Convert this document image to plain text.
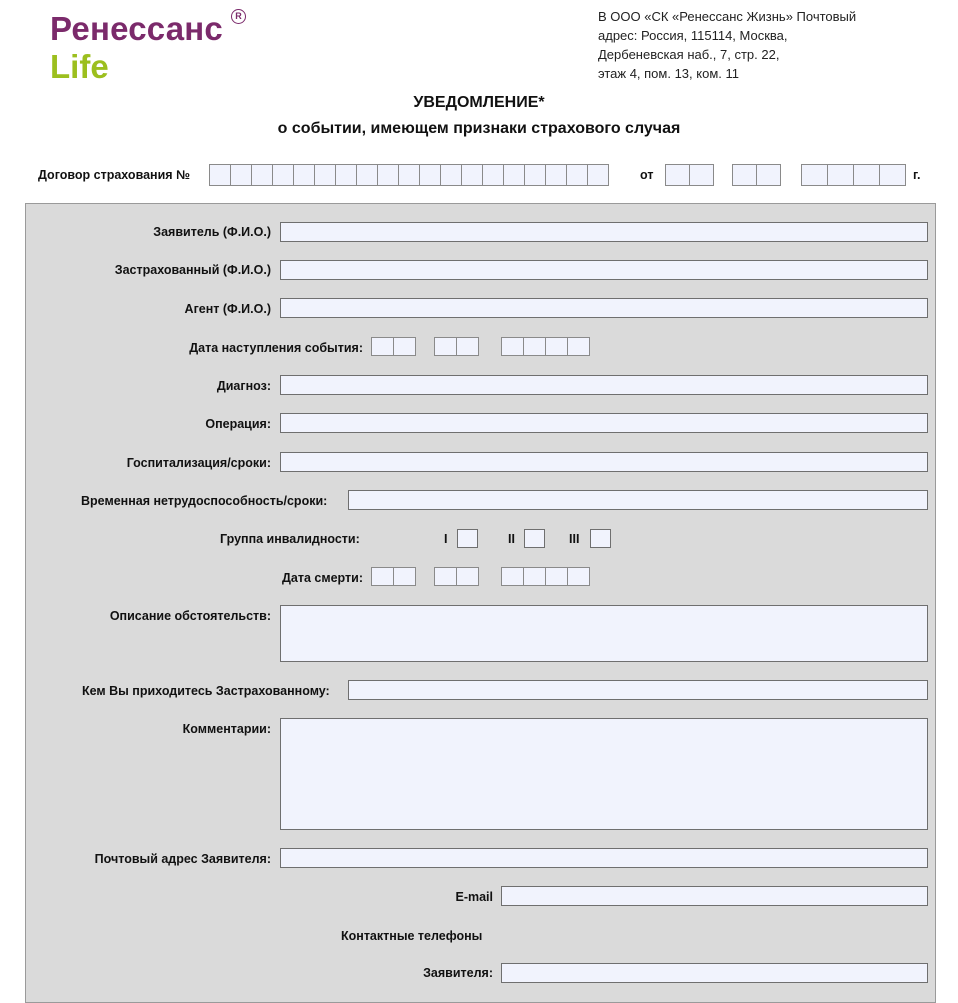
Ренессанс
Life
R	В ООО «СК «Ренессанс Жизнь» Почтовый
адрес: Россия, 115114, Москва,
Дербеневская наб., 7, стр. 22,
этаж 4, пом. 13, ком. 11
УВЕДОМЛЕНИЕ*
о событии, имеющем признаки страхового случая
Договор страхования №	от	г.
Заявитель (Ф.И.О.)
Застрахованный (Ф.И.О.)
Агент (Ф.И.О.)
Дата наступления события:
Диагноз:
Операция:
Госпитализация/сроки:
Временная нетрудоспособность/сроки:
Группа инвалидности:	I	II	III
Дата смерти:
Описание обстоятельств:
Кем Вы приходитесь Застрахованному:
Комментарии:
Почтовый адрес Заявителя:
E-mail
Контактные телефоны
Заявителя:
